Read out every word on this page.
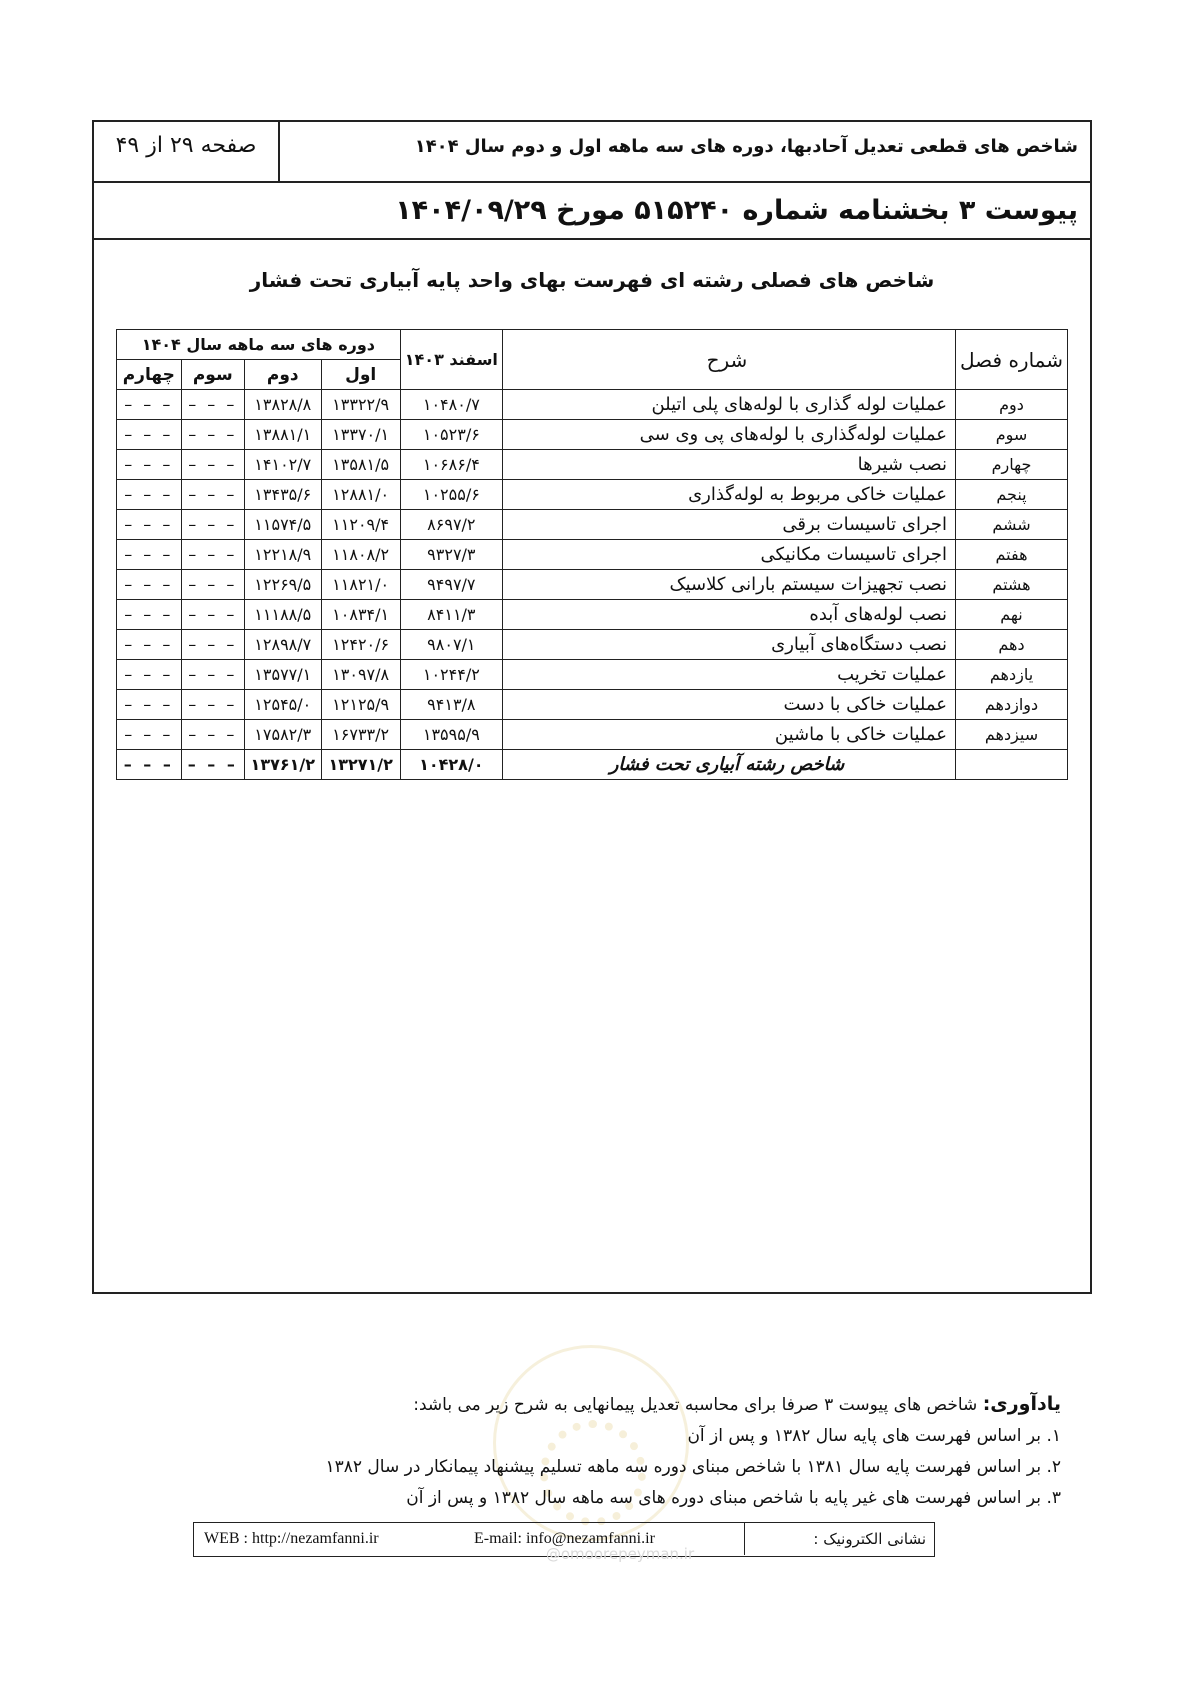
شاخص های قطعی تعدیل آحادبها، دوره های سه ماهه اول و دوم سال ۱۴۰۴
صفحه ۲۹ از ۴۹
پیوست ۳ بخشنامه شماره ۵۱۵۲۴۰ مورخ ۱۴۰۴/۰۹/۲۹
شاخص های فصلی رشته ای فهرست بهای واحد پایه آبیاری تحت فشار
شماره فصل	شرح	اسفند ۱۴۰۳	دوره های سه ماهه سال ۱۴۰۴			
			اول	دوم	سوم	چهارم
دوم	عملیات لوله گذاری با لوله‌های پلی اتیلن	۱۰۴۸۰/۷	۱۳۳۲۲/۹	۱۳۸۲۸/۸	– – –	– – –
سوم	عملیات لوله‌گذاری با لوله‌های پی وی سی	۱۰۵۲۳/۶	۱۳۳۷۰/۱	۱۳۸۸۱/۱	– – –	– – –
چهارم	نصب شیرها	۱۰۶۸۶/۴	۱۳۵۸۱/۵	۱۴۱۰۲/۷	– – –	– – –
پنجم	عملیات خاکی مربوط به لوله‌گذاری	۱۰۲۵۵/۶	۱۲۸۸۱/۰	۱۳۴۳۵/۶	– – –	– – –
ششم	اجرای تاسیسات برقی	۸۶۹۷/۲	۱۱۲۰۹/۴	۱۱۵۷۴/۵	– – –	– – –
هفتم	اجرای تاسیسات مکانیکی	۹۳۲۷/۳	۱۱۸۰۸/۲	۱۲۲۱۸/۹	– – –	– – –
هشتم	نصب تجهیزات سیستم بارانی کلاسیک	۹۴۹۷/۷	۱۱۸۲۱/۰	۱۲۲۶۹/۵	– – –	– – –
نهم	نصب لوله‌های آبده	۸۴۱۱/۳	۱۰۸۳۴/۱	۱۱۱۸۸/۵	– – –	– – –
دهم	نصب دستگاه‌های آبیاری	۹۸۰۷/۱	۱۲۴۲۰/۶	۱۲۸۹۸/۷	– – –	– – –
یازدهم	عملیات تخریب	۱۰۲۴۴/۲	۱۳۰۹۷/۸	۱۳۵۷۷/۱	– – –	– – –
دوازدهم	عملیات خاکی با دست	۹۴۱۳/۸	۱۲۱۲۵/۹	۱۲۵۴۵/۰	– – –	– – –
سیزدهم	عملیات خاکی با ماشین	۱۳۵۹۵/۹	۱۶۷۳۳/۲	۱۷۵۸۲/۳	– – –	– – –
	شاخص رشته آبیاری تحت فشار	۱۰۴۲۸/۰	۱۳۲۷۱/۲	۱۳۷۶۱/۲	– – –	– – –
یادآوری: شاخص های پیوست ۳ صرفا برای محاسبه تعدیل پیمانهایی به شرح زیر می باشد:
۱. بر اساس فهرست های پایه سال ۱۳۸۲ و پس از آن
۲. بر اساس فهرست پایه سال ۱۳۸۱ با شاخص مبنای دوره سه ماهه تسلیم پیشنهاد پیمانکار در سال ۱۳۸۲
۳. بر اساس فهرست های غیر پایه با شاخص مبنای دوره های سه ماهه سال ۱۳۸۲ و پس از آن
WEB : http://nezamfanni.ir	E-mail: info@nezamfanni.ir	نشانی الکترونیک :
@omoorepeyman.ir
